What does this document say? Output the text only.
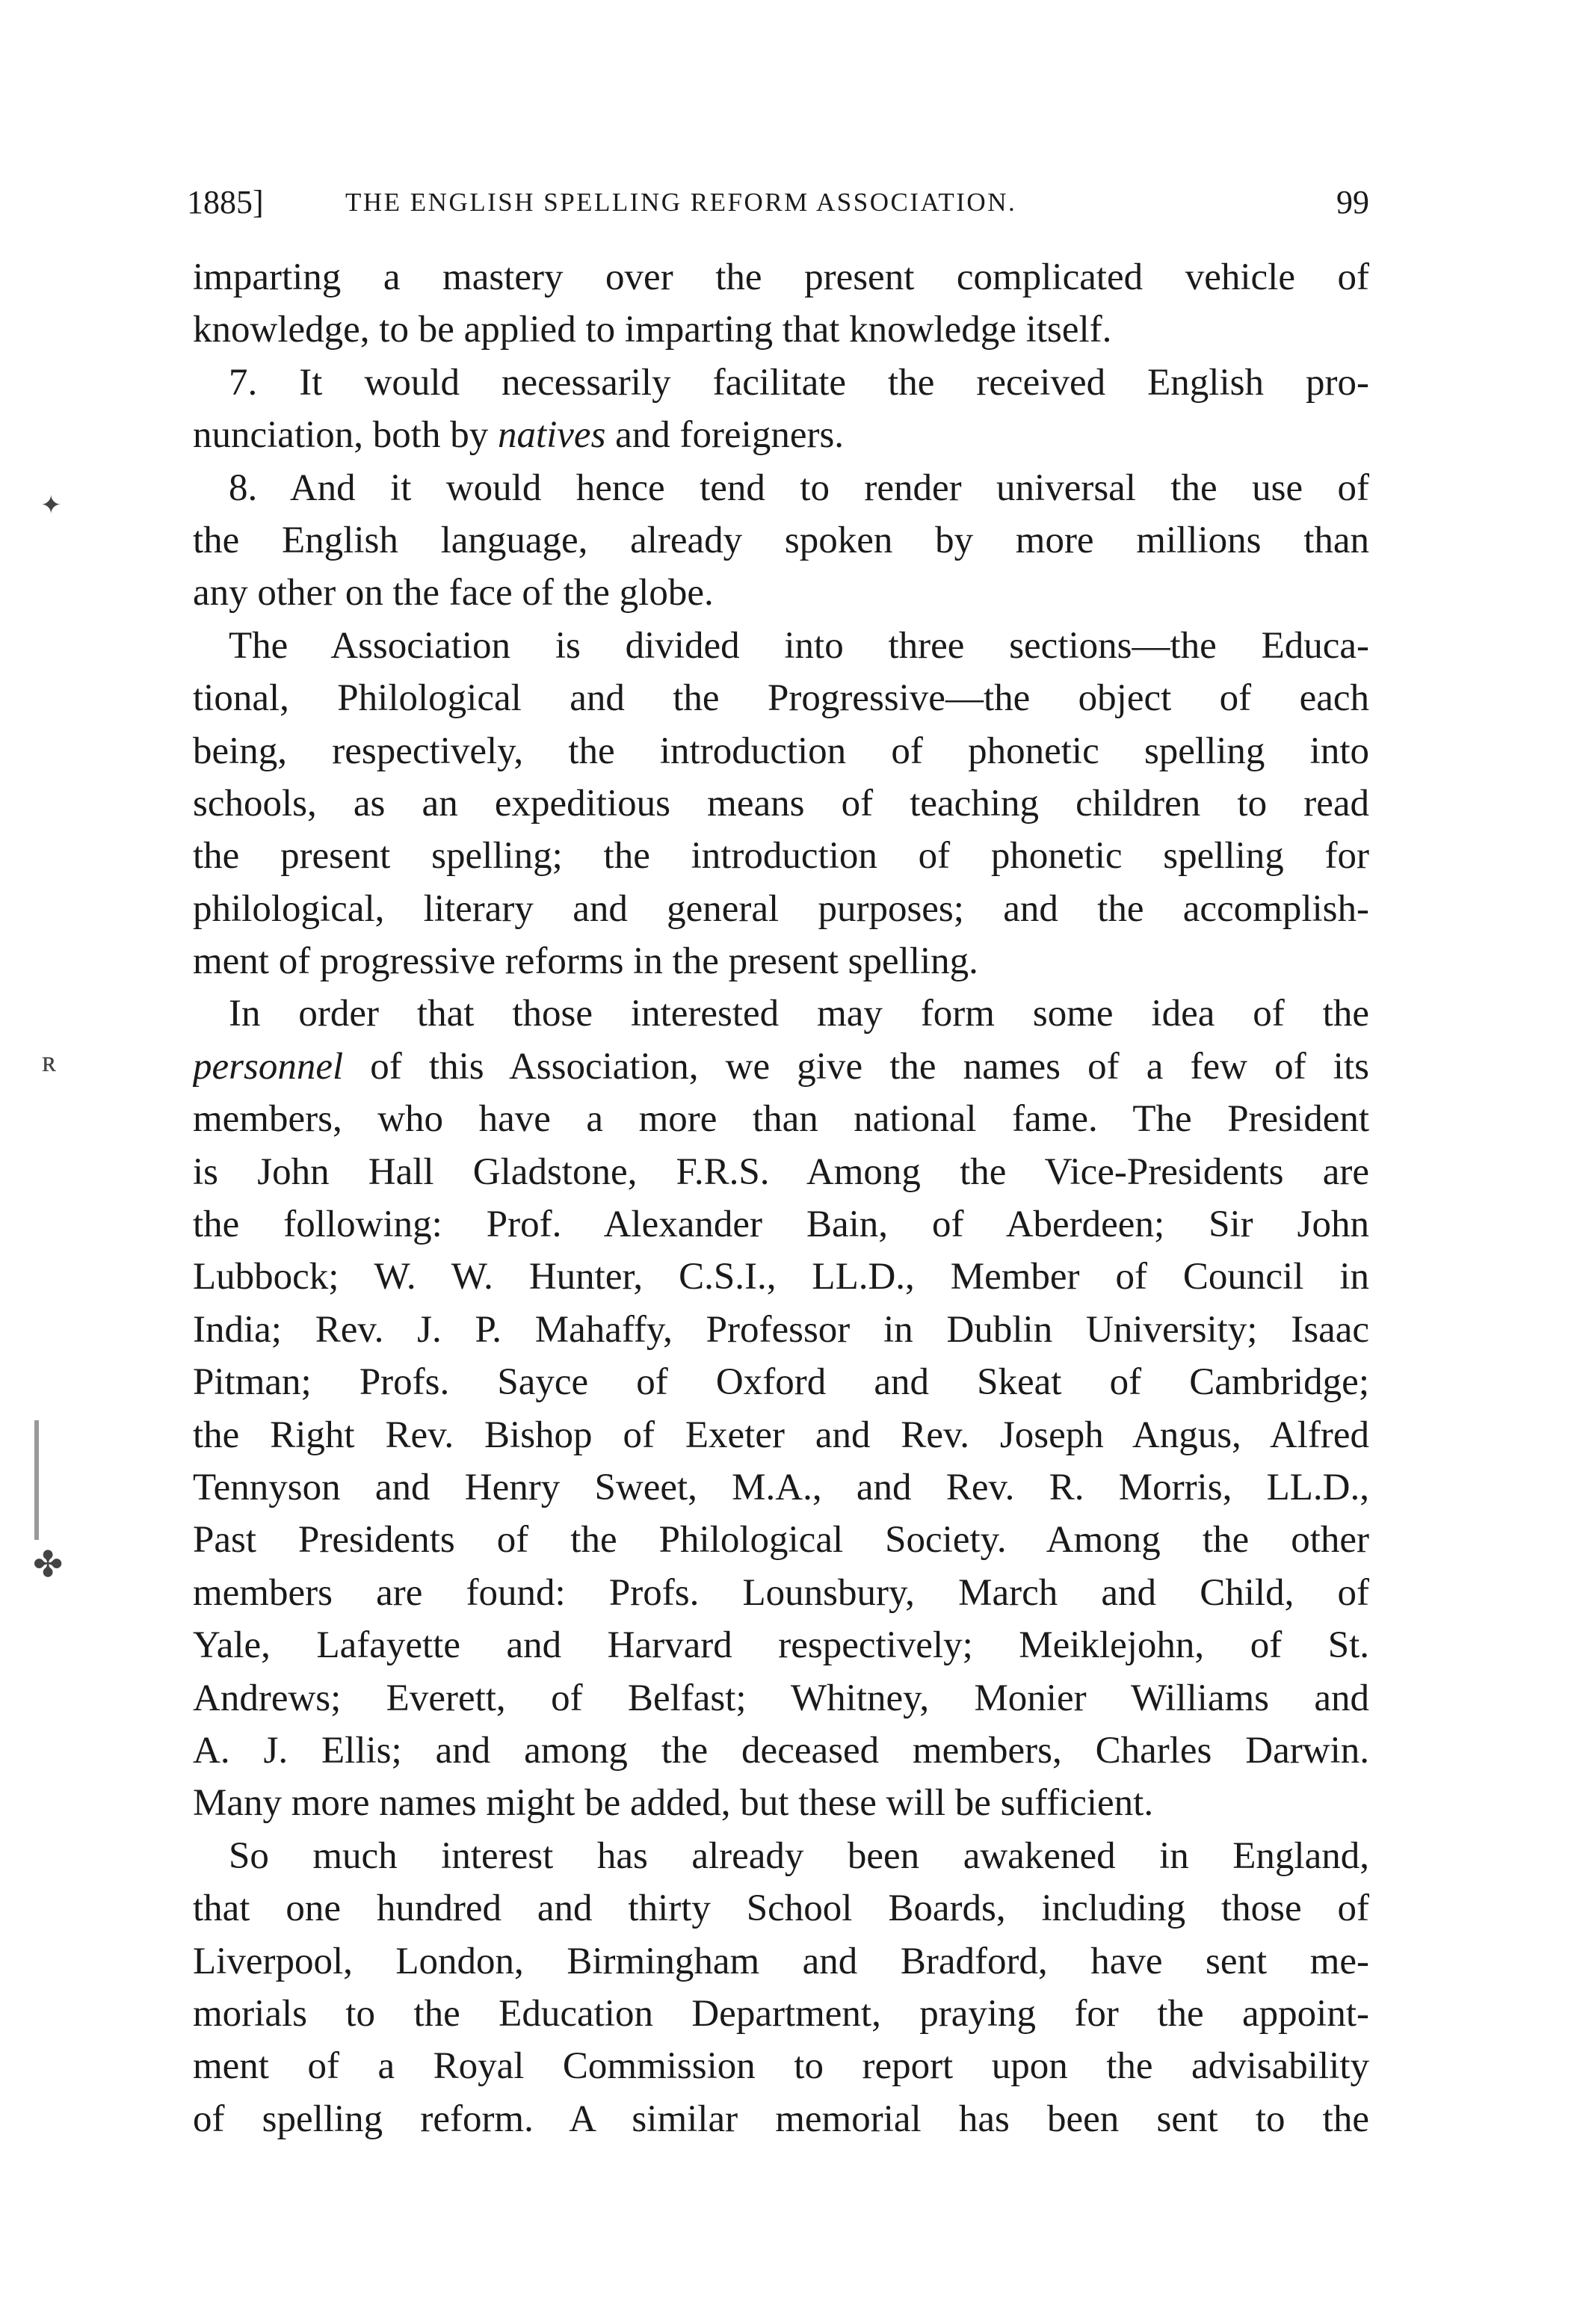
1885]	THE ENGLISH SPELLING REFORM ASSOCIATION.	99
imparting a mastery over the present complicated vehicle of
knowledge, to be applied to imparting that knowledge itself.
7. It would necessarily facilitate the received English pro-
nunciation, both by natives and foreigners.
8. And it would hence tend to render universal the use of
the English language, already spoken by more millions than
any other on the face of the globe.
The Association is divided into three sections—the Educa-
tional, Philological and the Progressive—the object of each
being, respectively, the introduction of phonetic spelling into
schools, as an expeditious means of teaching children to read
the present spelling; the introduction of phonetic spelling for
philological, literary and general purposes; and the accomplish-
ment of progressive reforms in the present spelling.
In order that those interested may form some idea of the
personnel of this Association, we give the names of a few of its
members, who have a more than national fame. The President
is John Hall Gladstone, F.R.S. Among the Vice-Presidents are
the following: Prof. Alexander Bain, of Aberdeen; Sir John
Lubbock; W. W. Hunter, C.S.I., LL.D., Member of Council in
India; Rev. J. P. Mahaffy, Professor in Dublin University; Isaac
Pitman; Profs. Sayce of Oxford and Skeat of Cambridge;
the Right Rev. Bishop of Exeter and Rev. Joseph Angus, Alfred
Tennyson and Henry Sweet, M.A., and Rev. R. Morris, LL.D.,
Past Presidents of the Philological Society. Among the other
members are found: Profs. Lounsbury, March and Child, of
Yale, Lafayette and Harvard respectively; Meiklejohn, of St.
Andrews; Everett, of Belfast; Whitney, Monier Williams and
A. J. Ellis; and among the deceased members, Charles Darwin.
Many more names might be added, but these will be sufficient.
So much interest has already been awakened in England,
that one hundred and thirty School Boards, including those of
Liverpool, London, Birmingham and Bradford, have sent me-
morials to the Education Department, praying for the appoint-
ment of a Royal Commission to report upon the advisability
of spelling reform. A similar memorial has been sent to the
✦
ʀ
✤
